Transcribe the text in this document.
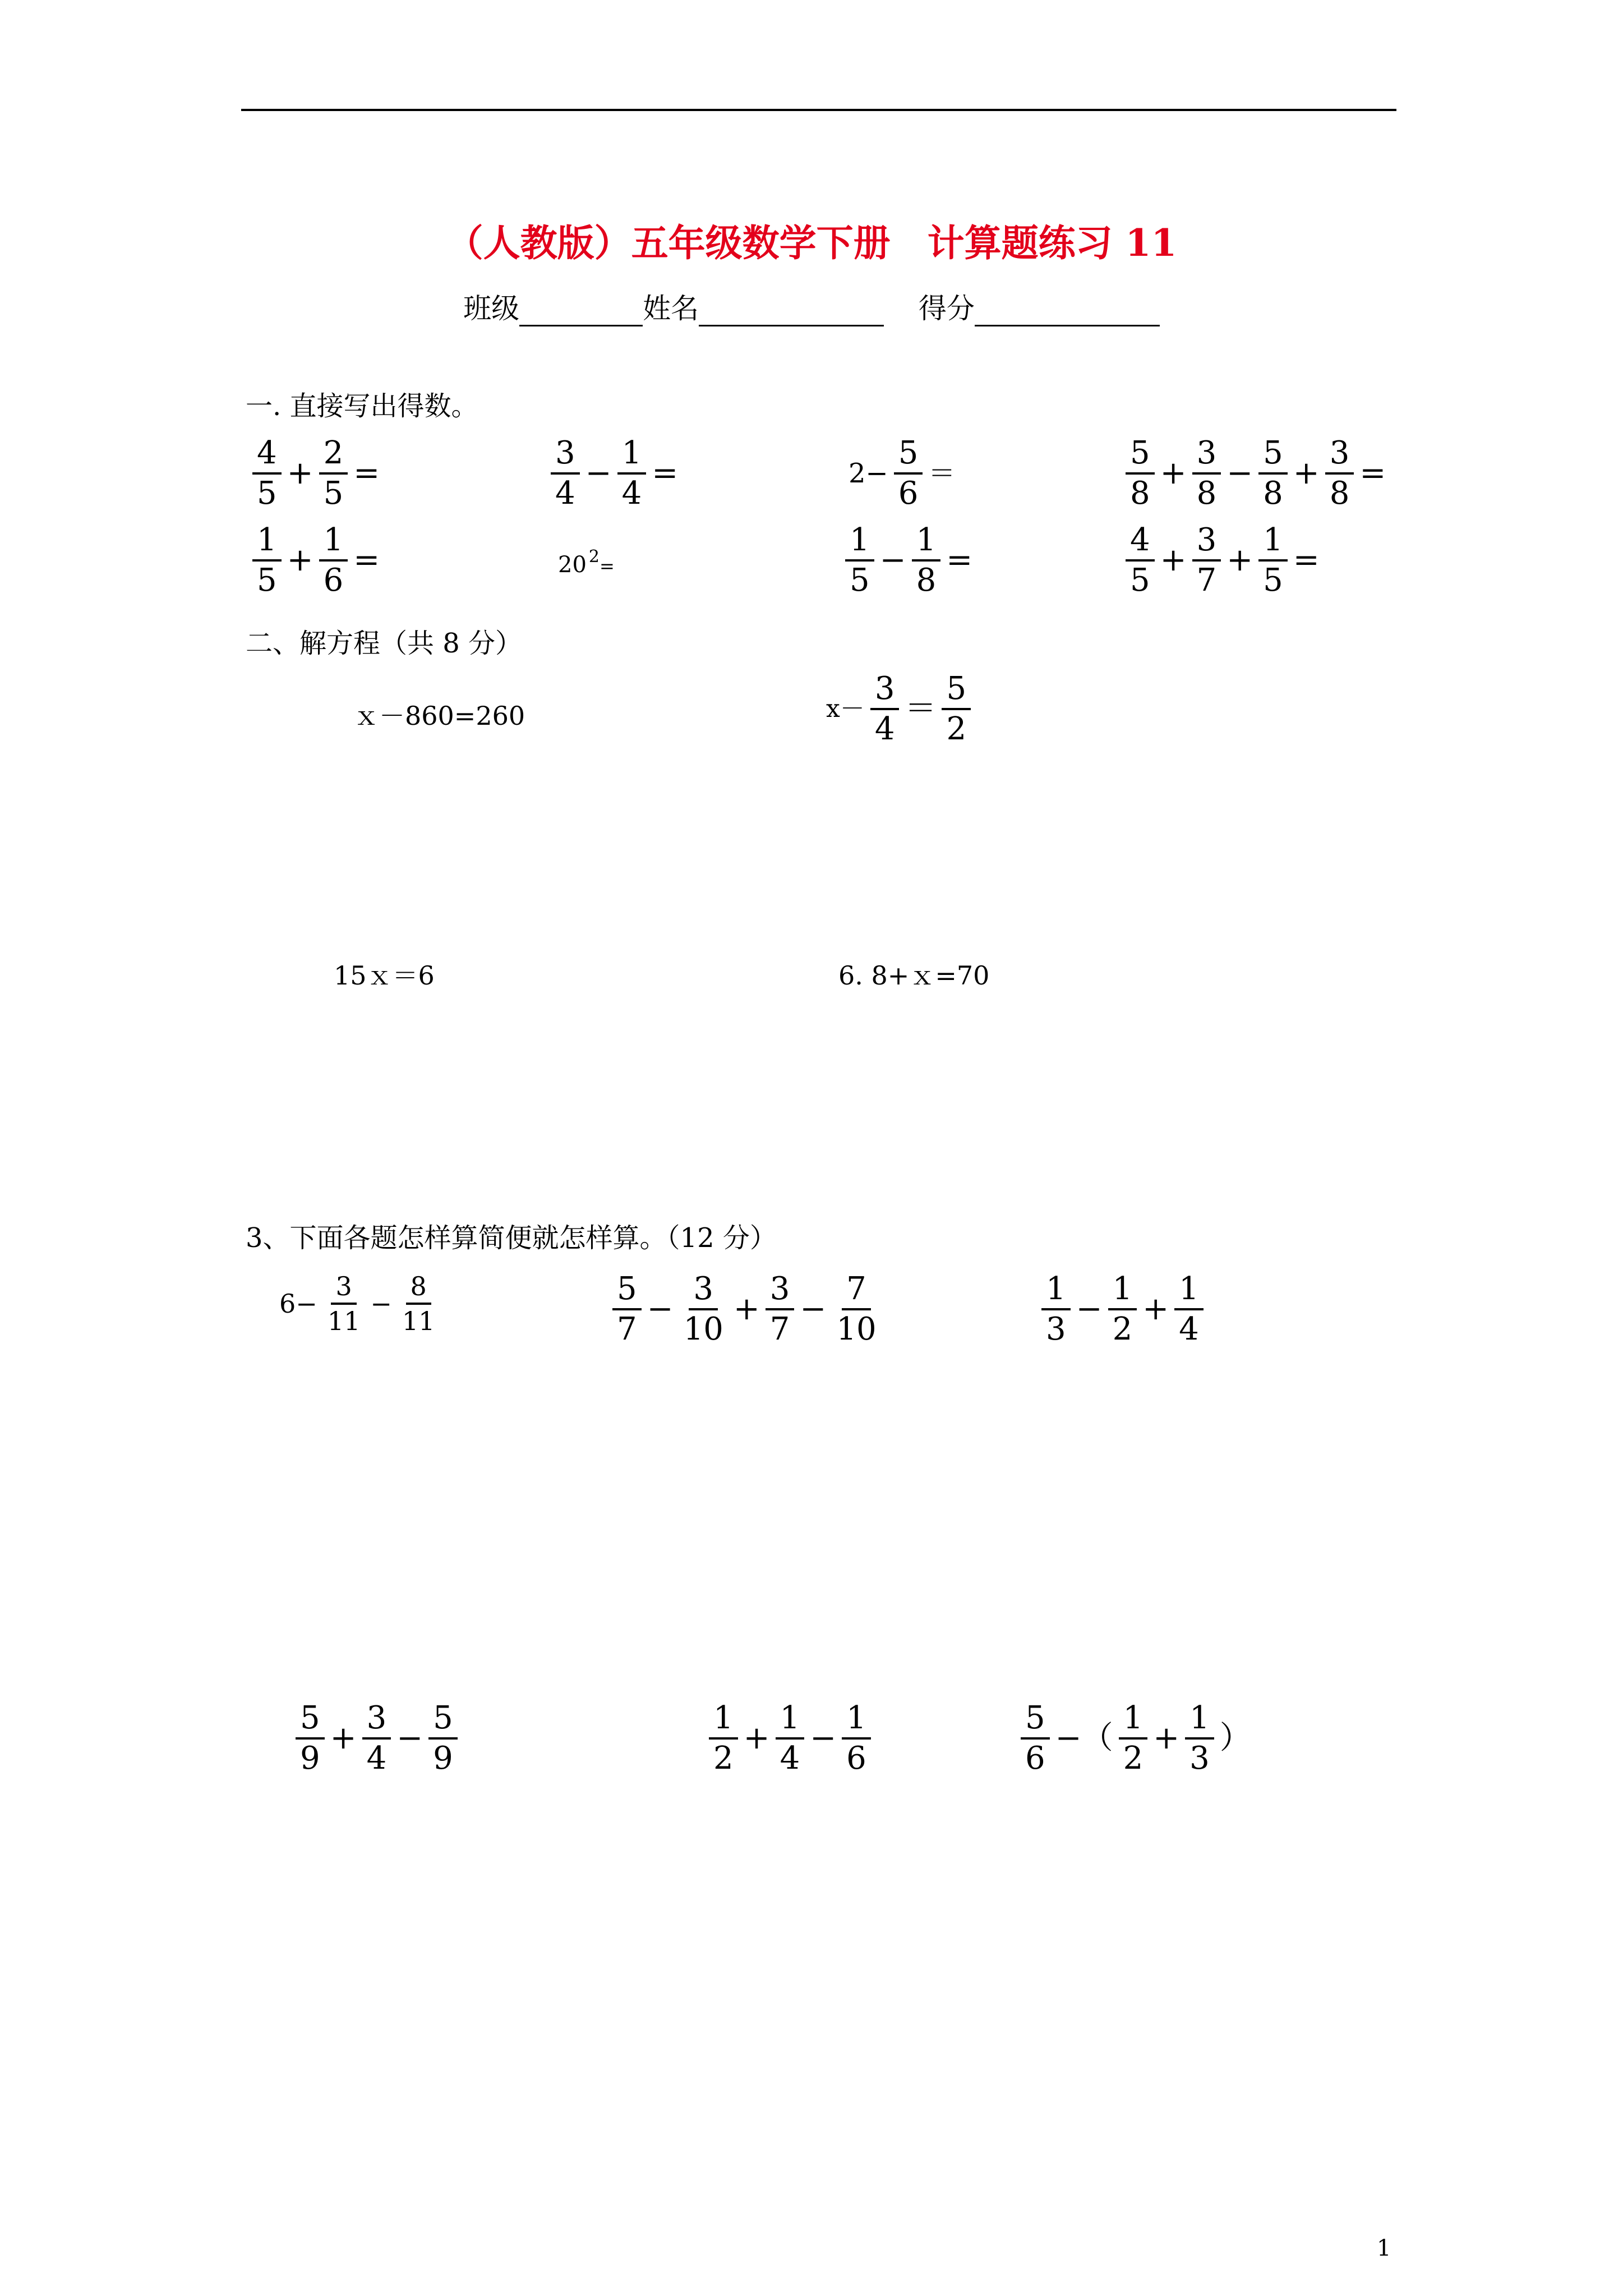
（人教版）五年级数学下册　计算题练习 11
班级	姓名	得分
一. 直接写出得数。
$\frac{4}{5} + \frac{2}{5}$ =	$\frac{3}{4} - \frac{1}{4}$ =	$2- \frac{5}{6}$ ＝	$\frac{5}{8} + \frac{3}{8} - \frac{5}{8} + \frac{3}{8}$ =
$\frac{1}{5} + \frac{1}{6}$ =	20 $^2$=	$\frac{1}{5} - \frac{1}{8}$ =	$\frac{4}{5} + \frac{3}{7} + \frac{1}{5}$ =
二、解方程（共 8 分）
ｘ－860=260	$x- \frac{3}{4} = \frac{5}{2}$
15ｘ＝6	6. 8+ｘ=70
3、下面各题怎样算简便就怎样算。（12 分）
$6- \frac{3}{11} - \frac{8}{11}$	$\frac{5}{7} - \frac{3}{10} + \frac{3}{7} - \frac{7}{10}$	$\frac{1}{3} - \frac{1}{2} + \frac{1}{4}$
$\frac{5}{9} + \frac{3}{4} - \frac{5}{9}$	$\frac{1}{2} + \frac{1}{4} - \frac{1}{6}$	$\frac{5}{6}$ −（ $\frac{1}{2} + \frac{1}{3}$ ）
1
